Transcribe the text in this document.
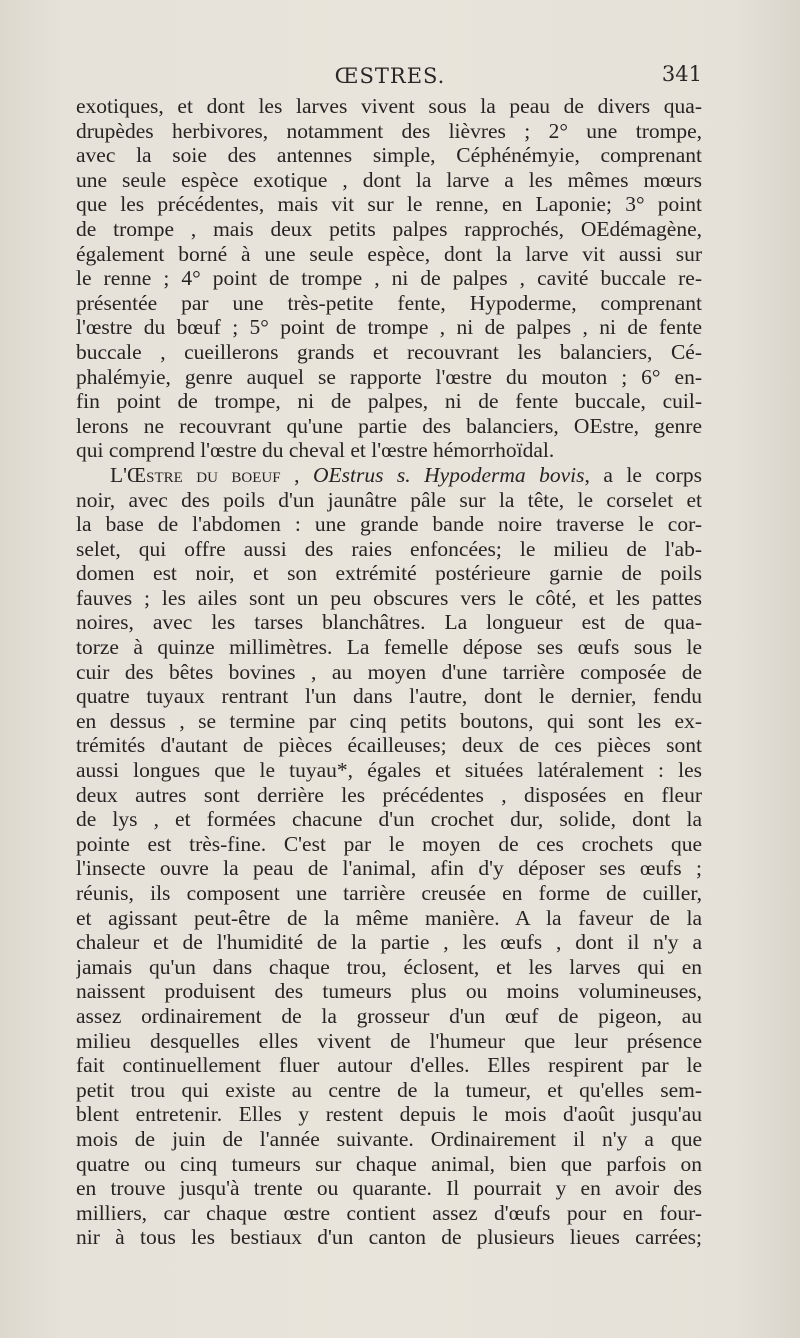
ŒSTRES.	341
exotiques, et dont les larves vivent sous la peau de divers qua-
drupèdes herbivores, notamment des lièvres ; 2° une trompe,
avec la soie des antennes simple, Céphénémyie, comprenant
une seule espèce exotique , dont la larve a les mêmes mœurs
que les précédentes, mais vit sur le renne, en Laponie; 3° point
de trompe , mais deux petits palpes rapprochés, OEdémagène,
également borné à une seule espèce, dont la larve vit aussi sur
le renne ; 4° point de trompe , ni de palpes , cavité buccale re-
présentée par une très-petite fente, Hypoderme, comprenant
l'œstre du bœuf ; 5° point de trompe , ni de palpes , ni de fente
buccale , cueillerons grands et recouvrant les balanciers, Cé-
phalémyie, genre auquel se rapporte l'œstre du mouton ; 6° en-
fin point de trompe, ni de palpes, ni de fente buccale, cuil-
lerons ne recouvrant qu'une partie des balanciers, OEstre, genre
qui comprend l'œstre du cheval et l'œstre hémorrhoïdal.
L'Œstre du boeuf , OEstrus s. Hypoderma bovis, a le corps
noir, avec des poils d'un jaunâtre pâle sur la tête, le corselet et
la base de l'abdomen : une grande bande noire traverse le cor-
selet, qui offre aussi des raies enfoncées; le milieu de l'ab-
domen est noir, et son extrémité postérieure garnie de poils
fauves ; les ailes sont un peu obscures vers le côté, et les pattes
noires, avec les tarses blanchâtres. La longueur est de qua-
torze à quinze millimètres. La femelle dépose ses œufs sous le
cuir des bêtes bovines , au moyen d'une tarrière composée de
quatre tuyaux rentrant l'un dans l'autre, dont le dernier, fendu
en dessus , se termine par cinq petits boutons, qui sont les ex-
trémités d'autant de pièces écailleuses; deux de ces pièces sont
aussi longues que le tuyau*, égales et situées latéralement : les
deux autres sont derrière les précédentes , disposées en fleur
de lys , et formées chacune d'un crochet dur, solide, dont la
pointe est très-fine. C'est par le moyen de ces crochets que
l'insecte ouvre la peau de l'animal, afin d'y déposer ses œufs ;
réunis, ils composent une tarrière creusée en forme de cuiller,
et agissant peut-être de la même manière. A la faveur de la
chaleur et de l'humidité de la partie , les œufs , dont il n'y a
jamais qu'un dans chaque trou, éclosent, et les larves qui en
naissent produisent des tumeurs plus ou moins volumineuses,
assez ordinairement de la grosseur d'un œuf de pigeon, au
milieu desquelles elles vivent de l'humeur que leur présence
fait continuellement fluer autour d'elles. Elles respirent par le
petit trou qui existe au centre de la tumeur, et qu'elles sem-
blent entretenir. Elles y restent depuis le mois d'août jusqu'au
mois de juin de l'année suivante. Ordinairement il n'y a que
quatre ou cinq tumeurs sur chaque animal, bien que parfois on
en trouve jusqu'à trente ou quarante. Il pourrait y en avoir des
milliers, car chaque œstre contient assez d'œufs pour en four-
nir à tous les bestiaux d'un canton de plusieurs lieues carrées;
